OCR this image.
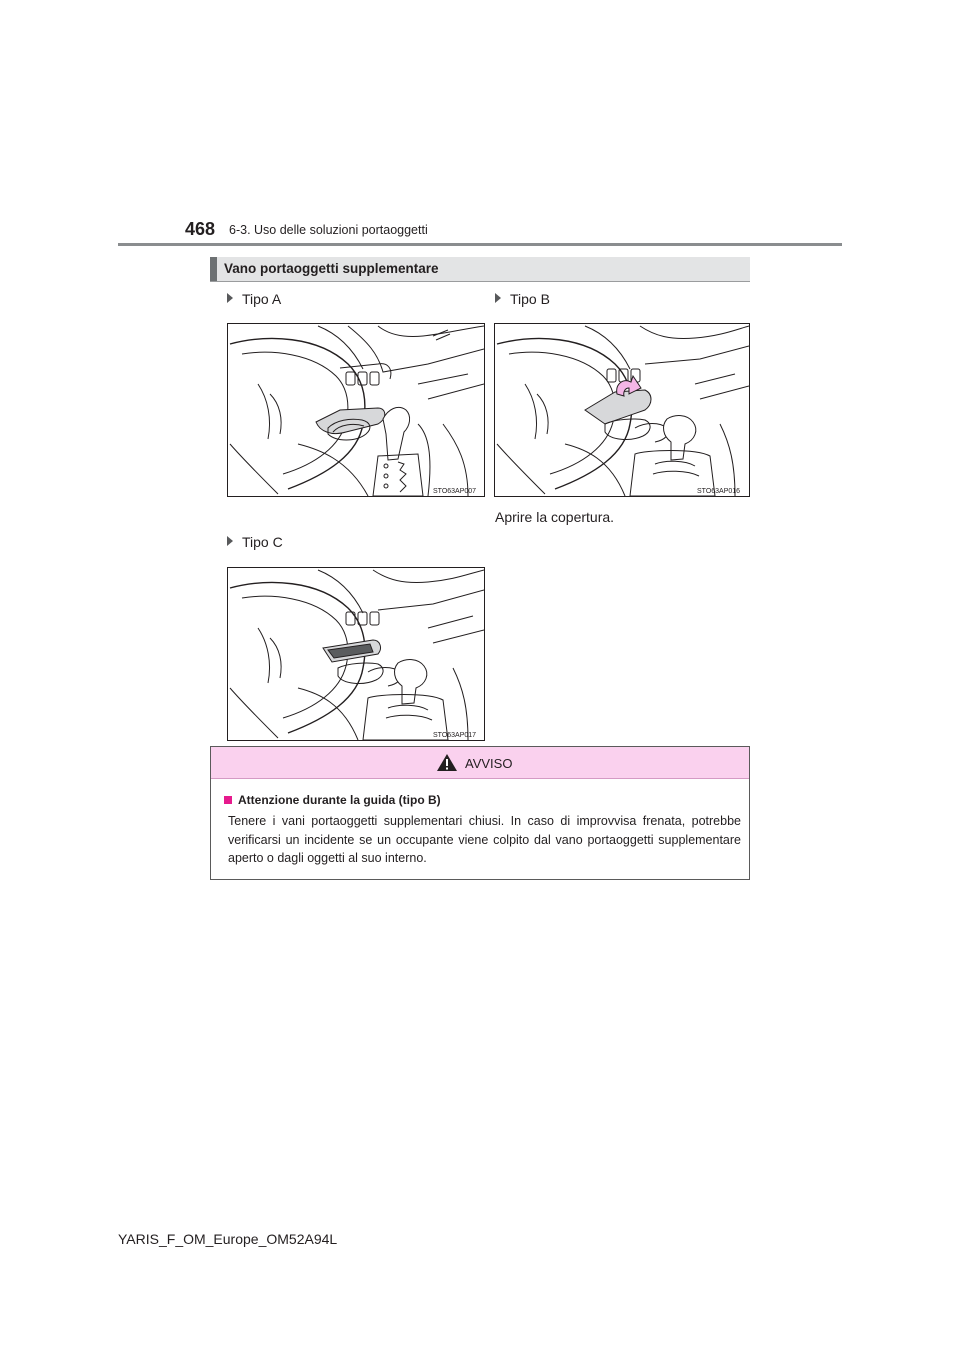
468 6-3. Uso delle soluzioni portaoggetti
Vano portaoggetti supplementare
Tipo A	Tipo B
Tipo C
STO63AP007	STO63AP016
Aprire la copertura.
STO63AP017
AVVISO
Attenzione durante la guida (tipo B)
Tenere i vani portaoggetti supplementari chiusi. In caso di improvvisa frenata, potrebbe verificarsi un incidente se un occupante viene colpito dal vano portaoggetti supplementare aperto o dagli oggetti al suo interno.
YARIS_F_OM_Europe_OM52A94L
